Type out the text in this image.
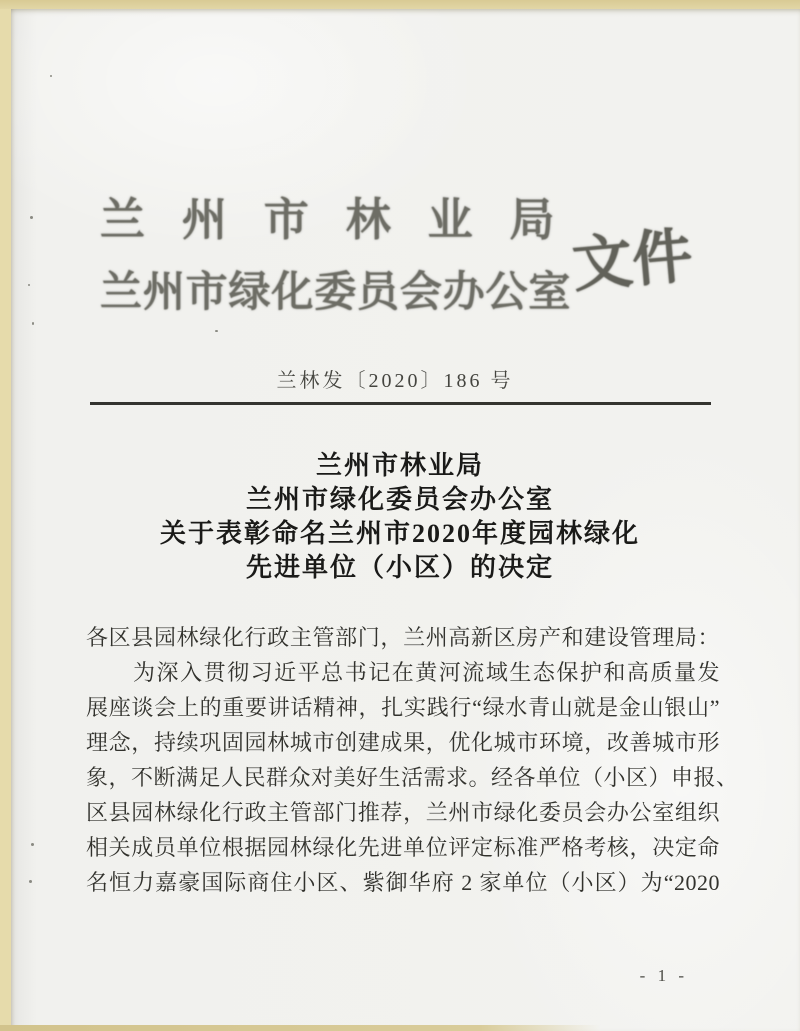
兰州市林业局
兰州市绿化委员会办公室
文件
兰林发〔2020〕186 号
兰州市林业局
兰州市绿化委员会办公室
关于表彰命名兰州市2020年度园林绿化
先进单位（小区）的决定
各区县园林绿化行政主管部门，兰州高新区房产和建设管理局：
　　为深入贯彻习近平总书记在黄河流域生态保护和高质量发
展座谈会上的重要讲话精神，扎实践行“绿水青山就是金山银山”
理念，持续巩固园林城市创建成果，优化城市环境，改善城市形
象，不断满足人民群众对美好生活需求。经各单位（小区）申报、
区县园林绿化行政主管部门推荐，兰州市绿化委员会办公室组织
相关成员单位根据园林绿化先进单位评定标准严格考核，决定命
名恒力嘉豪国际商住小区、紫御华府 2 家单位（小区）为“2020
- 1 -
